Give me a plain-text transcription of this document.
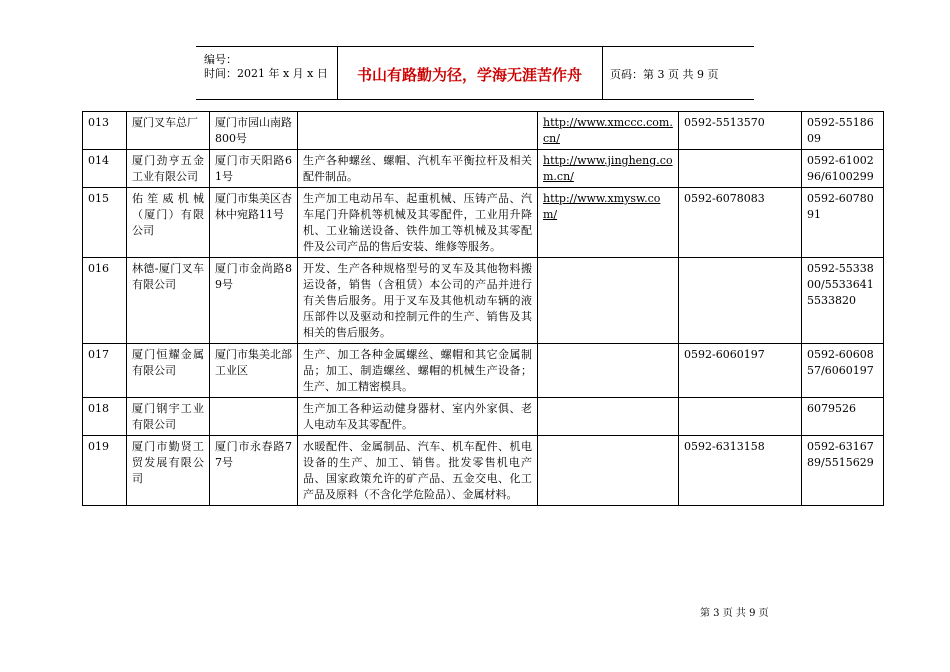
编号：
时间：2021 年 x 月 x 日	书山有路勤为径，学海无涯苦作舟	页码：第 3 页 共 9 页
013	厦门叉车总厂	厦门市园山南路800号		http://www.xmccc.com.cn/	0592-5513570	0592-5518609
014	厦门劲亨五金工业有限公司	厦门市天阳路61号	生产各种螺丝、螺帽、汽机车平衡拉杆及相关配件制品。	http://www.jingheng.com.cn/		0592-6100296/6100299
015	佑笙威机械（厦门）有限公司	厦门市集美区杏林中宛路11号	生产加工电动吊车、起重机械、压铸产品、汽车尾门升降机等机械及其零配件，工业用升降机、工业输送设备、铁件加工等机械及其零配件及公司产品的售后安装、维修等服务。	http://www.xmysw.com/	0592-6078083	0592-6078091
016	林德-厦门叉车有限公司	厦门市金尚路89号	开发、生产各种规格型号的叉车及其他物料搬运设备，销售（含租赁）本公司的产品并进行有关售后服务。用于叉车及其他机动车辆的液压部件以及驱动和控制元件的生产、销售及其相关的售后服务。			0592-5533800/5533641 5533820
017	厦门恒耀金属有限公司	厦门市集美北部工业区	生产、加工各种金属螺丝、螺帽和其它金属制品；加工、制造螺丝、螺帽的机械生产设备；生产、加工精密模具。		0592-6060197	0592-6060857/6060197
018	厦门钢宇工业有限公司		生产加工各种运动健身器材、室内外家俱、老人电动车及其零配件。			6079526
019	厦门市勤贤工贸发展有限公司	厦门市永春路77号	水暖配件、金属制品、汽车、机车配件、机电设备的生产、加工、销售。批发零售机电产品、国家政策允许的矿产品、五金交电、化工产品及原料（不含化学危险品）、金属材料。		0592-6313158	0592-6316789/5515629
第 3 页 共 9 页
